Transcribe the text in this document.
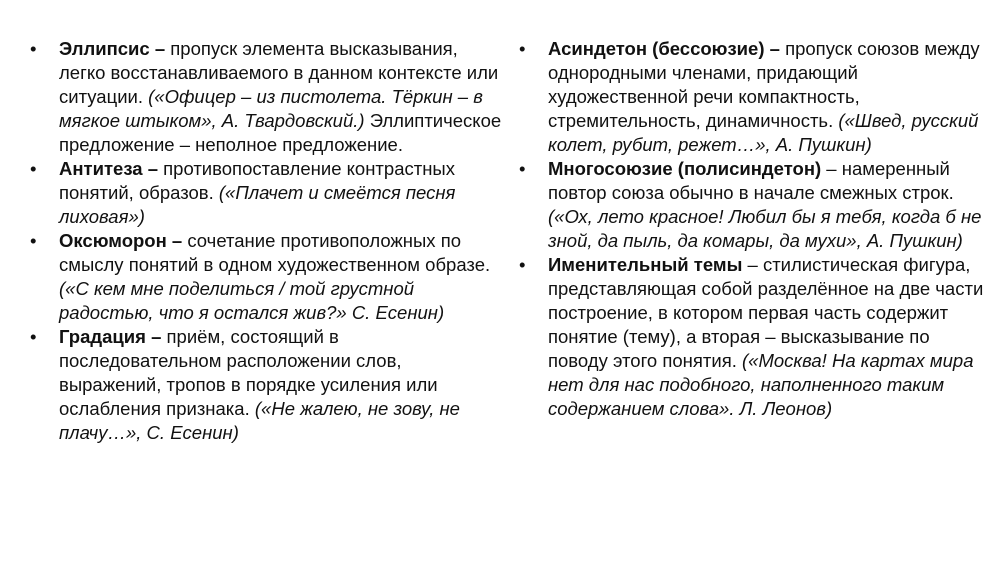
•	Эллипсис – пропуск элемента высказывания, легко восстанавливаемого в данном контексте или ситуации. («Офицер – из пистолета. Тёркин – в мягкое штыком», А. Твардовский.) Эллиптическое предложение – неполное предложение.
•	Антитеза – противопоставление контрастных понятий, образов. («Плачет и смеётся песня лиховая»)
•	Оксюморон – сочетание противоположных по смыслу понятий в одном художественном образе. («С кем мне поделиться / той грустной радостью, что я остался жив?» С. Есенин)
•	Градация – приём, состоящий в последовательном расположении слов, выражений, тропов в порядке усиления или ослабления признака. («Не жалею, не зову, не плачу…», С. Есенин)
•	Асиндетон (бессоюзие) – пропуск союзов между однородными членами, придающий художественной речи компактность, стремительность, динамичность. («Швед, русский колет, рубит, режет…», А. Пушкин)
•	Многосоюзие (полисиндетон) – намеренный повтор союза обычно в начале смежных строк. («Ох, лето красное! Любил бы я тебя, когда б не зной, да пыль, да комары, да мухи», А. Пушкин)
•	Именительный темы – стилистическая фигура, представляющая собой разделённое на две части построение, в котором первая часть содержит понятие (тему), а вторая – высказывание по поводу этого понятия. («Москва! На картах мира нет для нас подобного, наполненного таким содержанием слова». Л. Леонов)
